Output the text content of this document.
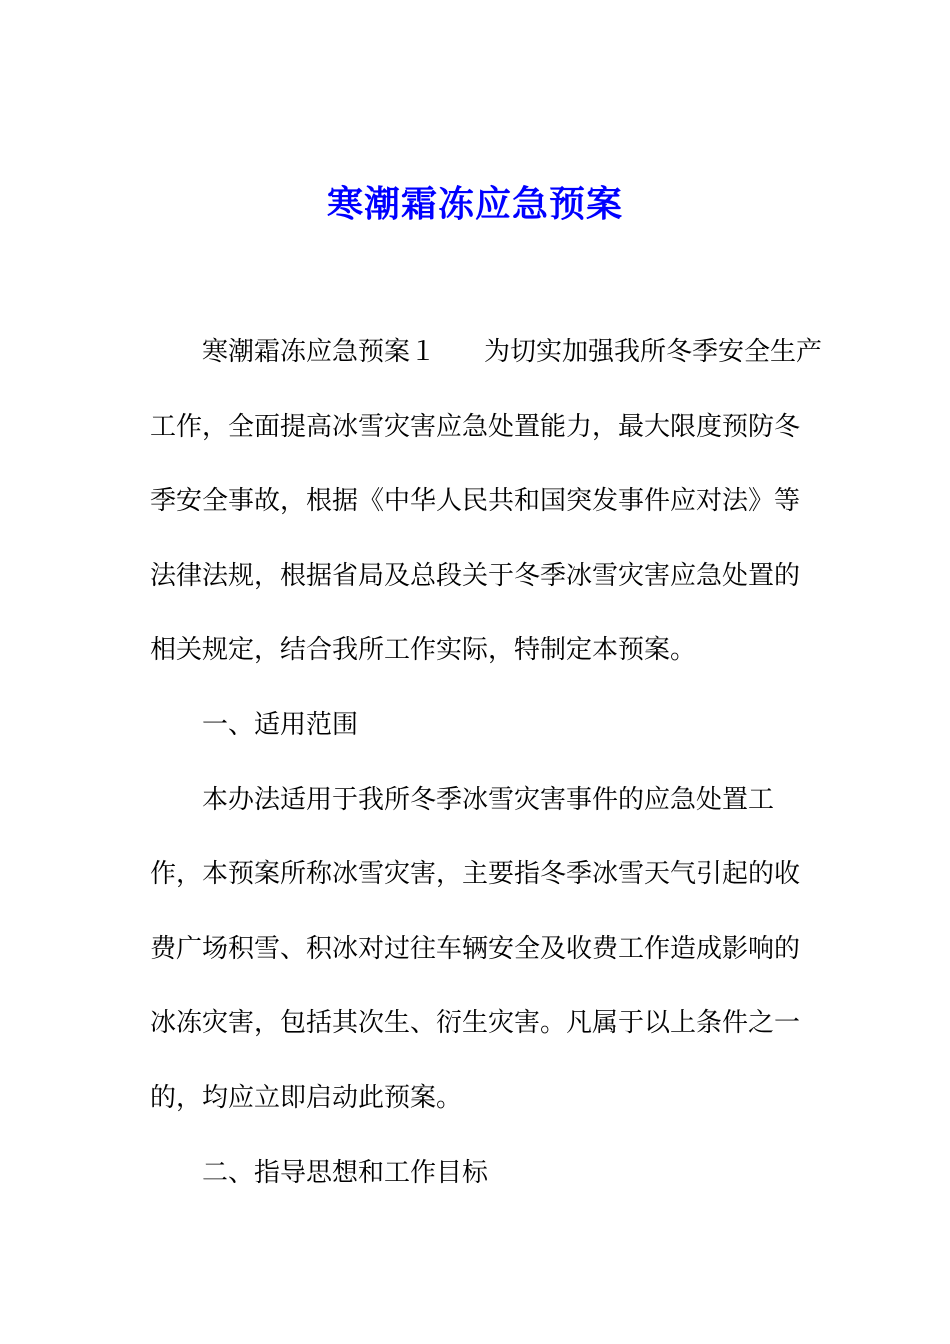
寒潮霜冻应急预案

寒潮霜冻应急预案１ 为切实加强我所冬季安全生产

工作，全面提高冰雪灾害应急处置能力，最大限度预防冬

季安全事故，根据《中华人民共和国突发事件应对法》等

法律法规，根据省局及总段关于冬季冰雪灾害应急处置的

相关规定，结合我所工作实际，特制定本预案。

一、适用范围

本办法适用于我所冬季冰雪灾害事件的应急处置工

作，本预案所称冰雪灾害，主要指冬季冰雪天气引起的收

费广场积雪、积冰对过往车辆安全及收费工作造成影响的

冰冻灾害，包括其次生、衍生灾害。凡属于以上条件之一

的，均应立即启动此预案。

二、指导思想和工作目标
